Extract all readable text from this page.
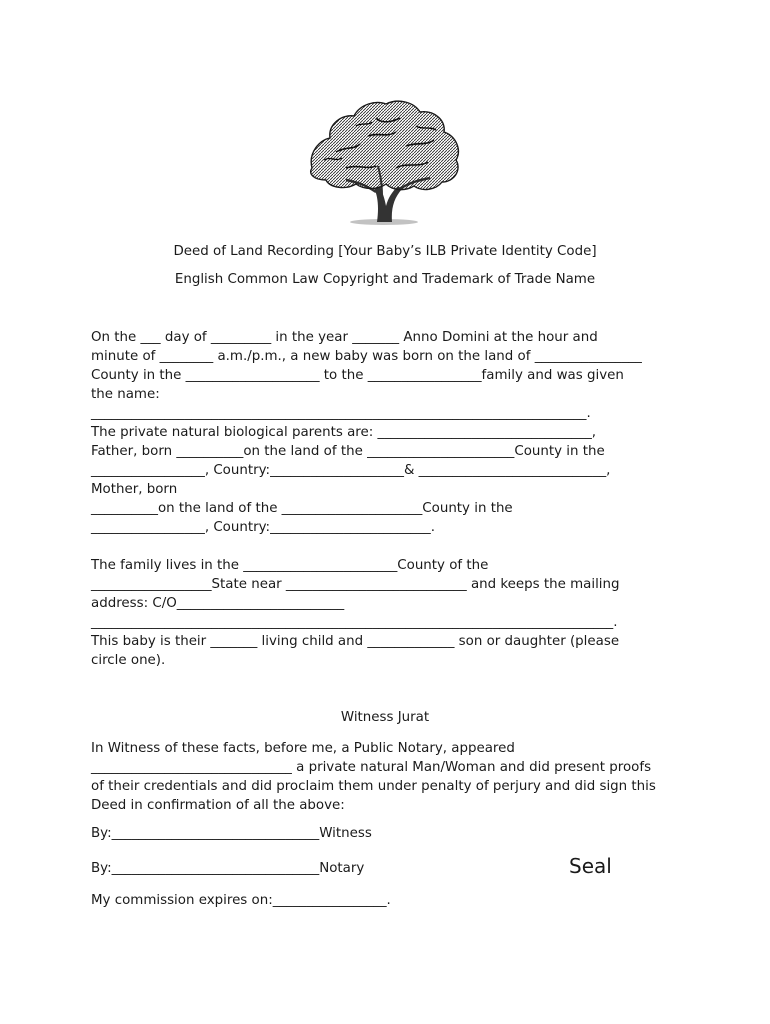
Deed of Land Recording [Your Baby’s ILB Private Identity Code]
English Common Law Copyright and Trademark of Trade Name
On the ___ day of _________ in the year _______ Anno Domini at the hour and
minute of ________ a.m./p.m., a new baby was born on the land of ________________
County in the ____________________ to the _________________family and was given
the name:
__________________________________________________________________________.
The private natural biological parents are: ________________________________,
Father, born __________on the land of the ______________________County in the
_________________, Country:____________________& ____________________________,
Mother, born
__________on the land of the _____________________County in the
_________________, Country:________________________.
The family lives in the _______________________County of the
__________________State near ___________________________ and keeps the mailing
address: C/O_________________________
______________________________________________________________________________.
This baby is their _______ living child and _____________ son or daughter (please
circle one).
Witness Jurat
In Witness of these facts, before me, a Public Notary, appeared
______________________________ a private natural Man/Woman and did present proofs
of their credentials and did proclaim them under penalty of perjury and did sign this
Deed in confirmation of all the above:
By:_______________________________Witness
By:_______________________________Notary	Seal
My commission expires on:_________________.
